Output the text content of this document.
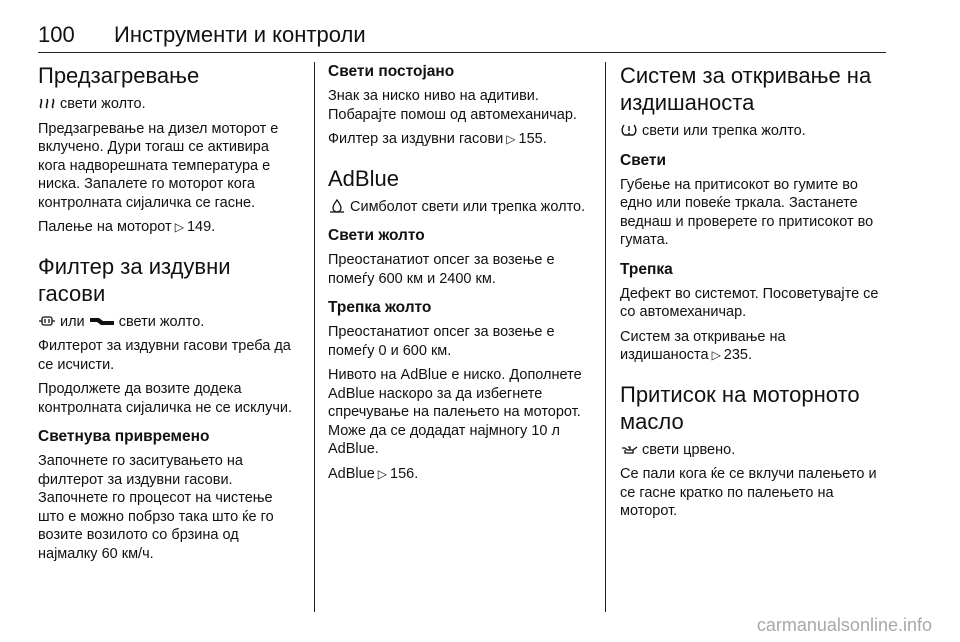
100	Инструменти и контроли
Предзагревање

свети жолто.

Предзагревање на дизел моторот е вклучено. Дури тогаш се активира кога надворешната температура е ниска. Запалете го моторот кога контролната сијаличка се гасне.

Палење на моторот ▷ 149.

Филтер за издувни гасови

или свети жолто.

Филтерот за издувни гасови треба да се исчисти.

Продолжете да возите додека контролната сијаличка не се исклучи.

Светнува привремено

Започнете го заситувањето на филтерот за издувни гасови. Започнете го процесот на чистење што е можно побрзо така што ќе го возите возилото со брзина од најмалку 60 км/ч.

Свети постојано

Знак за ниско ниво на адитиви. Побарајте помош од автомеханичар.

Филтер за издувни гасови ▷ 155.

AdBlue

Симболот свети или трепка жолто.

Свети жолто

Преостанатиот опсег за возење е помеѓу 600 км и 2400 км.

Трепка жолто

Преостанатиот опсег за возење е помеѓу 0 и 600 км.

Нивото на AdBlue е ниско. Дополнете AdBlue наскоро за да избегнете спречување на палењето на моторот. Може да се додадат најмногу 10 л AdBlue.

AdBlue ▷ 156.

Систем за откривање на издишаноста

свети или трепка жолто.

Свети

Губење на притисокот во гумите во едно или повеќе тркала. Застанете веднаш и проверете го притисокот во гумата.

Трепка

Дефект во системот. Посоветувајте се со автомеханичар.

Систем за откривање на издишаноста ▷ 235.

Притисок на моторното масло

свети црвено.

Се пали кога ќе се вклучи палењето и се гасне кратко по палењето на моторот.

carmanualsonline.info
